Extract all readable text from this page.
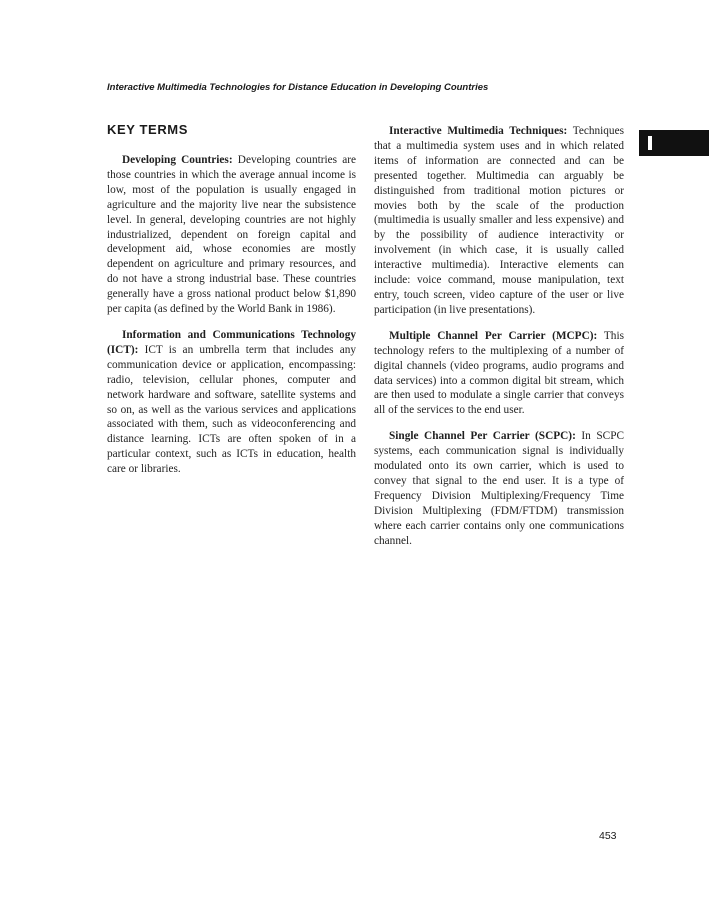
Interactive Multimedia Technologies for Distance Education in Developing Countries
KEY TERMS

Developing Countries: Developing countries are those countries in which the average annual income is low, most of the population is usually engaged in agriculture and the majority live near the subsistence level. In general, developing countries are not highly industrialized, dependent on foreign capital and development aid, whose economies are mostly dependent on agriculture and primary resources, and do not have a strong industrial base. These countries generally have a gross national product below $1,890 per capita (as defined by the World Bank in 1986).

Information and Communications Technology (ICT): ICT is an umbrella term that includes any communication device or application, encompassing: radio, television, cellular phones, computer and network hardware and software, satellite systems and so on, as well as the various services and applications associated with them, such as videoconferencing and distance learning. ICTs are often spoken of in a particular context, such as ICTs in education, health care or libraries.

Interactive Multimedia Techniques: Techniques that a multimedia system uses and in which related items of information are connected and can be presented together. Multimedia can arguably be distinguished from traditional motion pictures or movies both by the scale of the production (multimedia is usually smaller and less expensive) and by the possibility of audience interactivity or involvement (in which case, it is usually called interactive multimedia). Interactive elements can include: voice command, mouse manipulation, text entry, touch screen, video capture of the user or live participation (in live presentations).

Multiple Channel Per Carrier (MCPC): This technology refers to the multiplexing of a number of digital channels (video programs, audio programs and data services) into a common digital bit stream, which are then used to modulate a single carrier that conveys all of the services to the end user.

Single Channel Per Carrier (SCPC): In SCPC systems, each communication signal is individually modulated onto its own carrier, which is used to convey that signal to the end user. It is a type of Frequency Division Multiplexing/Frequency Time Division Multiplexing (FDM/FTDM) transmission where each carrier contains only one communications channel.

453
